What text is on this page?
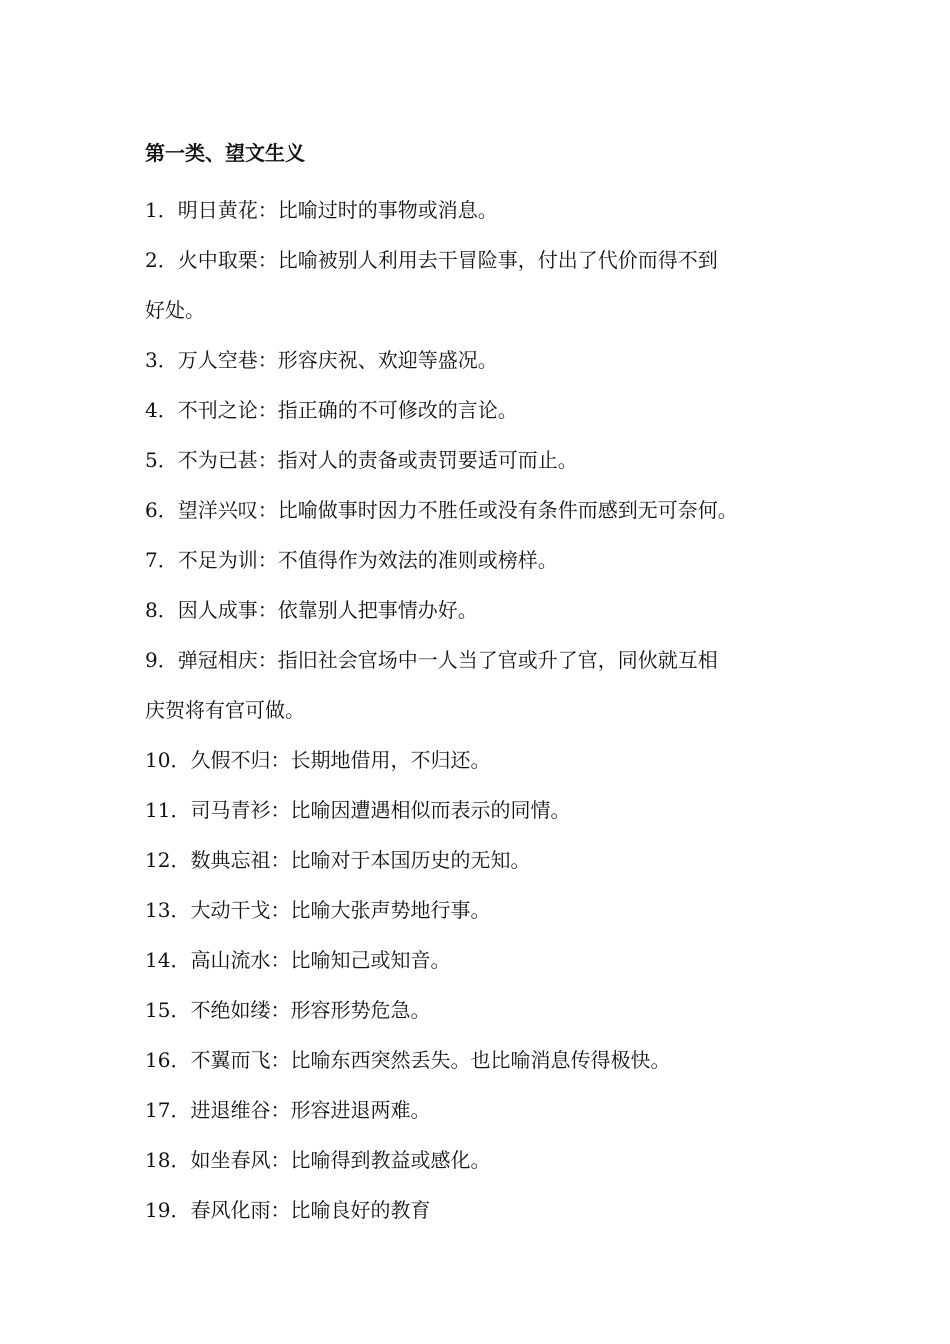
第一类、望文生义

1．明日黄花：比喻过时的事物或消息。

2．火中取栗：比喻被别人利用去干冒险事，付出了代价而得不到
好处。

3．万人空巷：形容庆祝、欢迎等盛况。

4．不刊之论：指正确的不可修改的言论。

5．不为已甚：指对人的责备或责罚要适可而止。

6．望洋兴叹：比喻做事时因力不胜任或没有条件而感到无可奈何。

7．不足为训：不值得作为效法的准则或榜样。

8．因人成事：依靠别人把事情办好。

9．弹冠相庆：指旧社会官场中一人当了官或升了官，同伙就互相
庆贺将有官可做。

10．久假不归：长期地借用，不归还。

11．司马青衫：比喻因遭遇相似而表示的同情。

12．数典忘祖：比喻对于本国历史的无知。

13．大动干戈：比喻大张声势地行事。

14．高山流水：比喻知己或知音。

15．不绝如缕：形容形势危急。

16．不翼而飞：比喻东西突然丢失。也比喻消息传得极快。

17．进退维谷：形容进退两难。

18．如坐春风：比喻得到教益或感化。

19．春风化雨：比喻良好的教育
